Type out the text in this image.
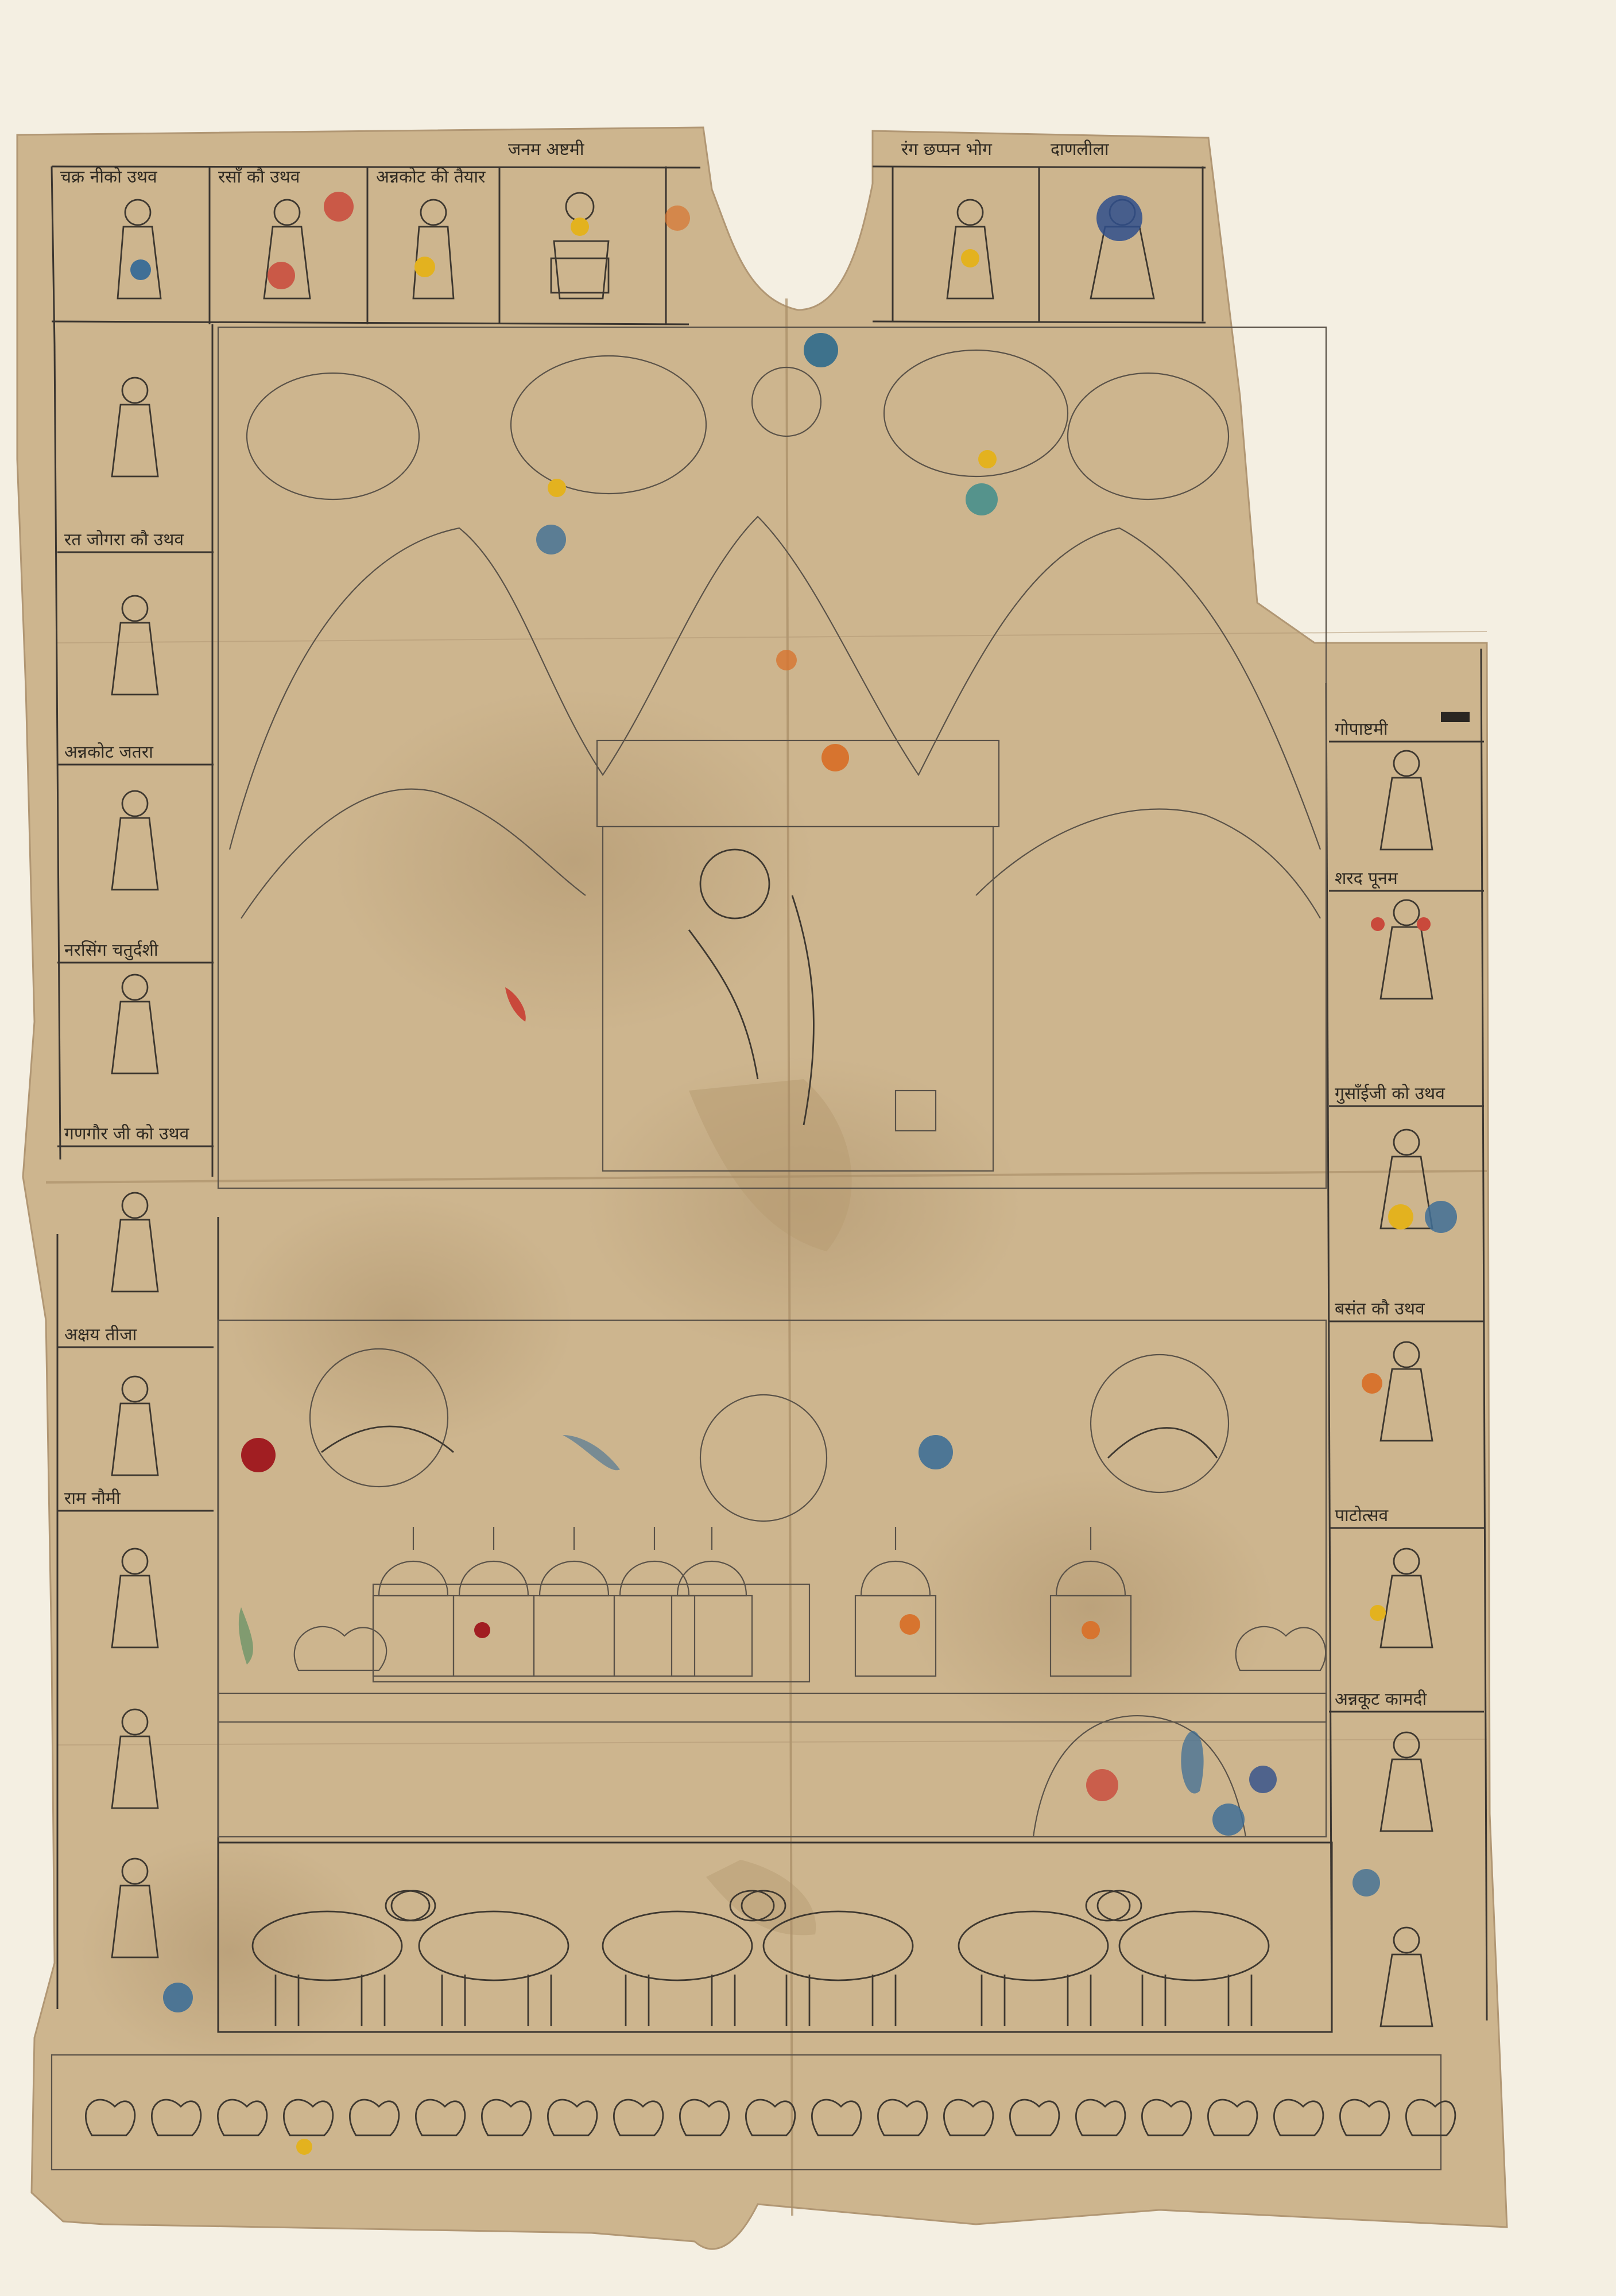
चक्र नीको उथव	रसाँ कौ उथव	अन्नकोट की तैयार
जनम अष्टमी	रंग छप्पन भोग	दाणलीला
रत जोगरा कौ उथव
अन्नकोट जतरा
नरसिंग चतुर्दशी
गणगौर जी को उथव
अक्षय तीजा
राम नौमी
गोपाष्टमी
शरद पूनम
गुसाँईजी को उथव
बसंत कौ उथव
पाटोत्सव
अन्नकूट कामदी
